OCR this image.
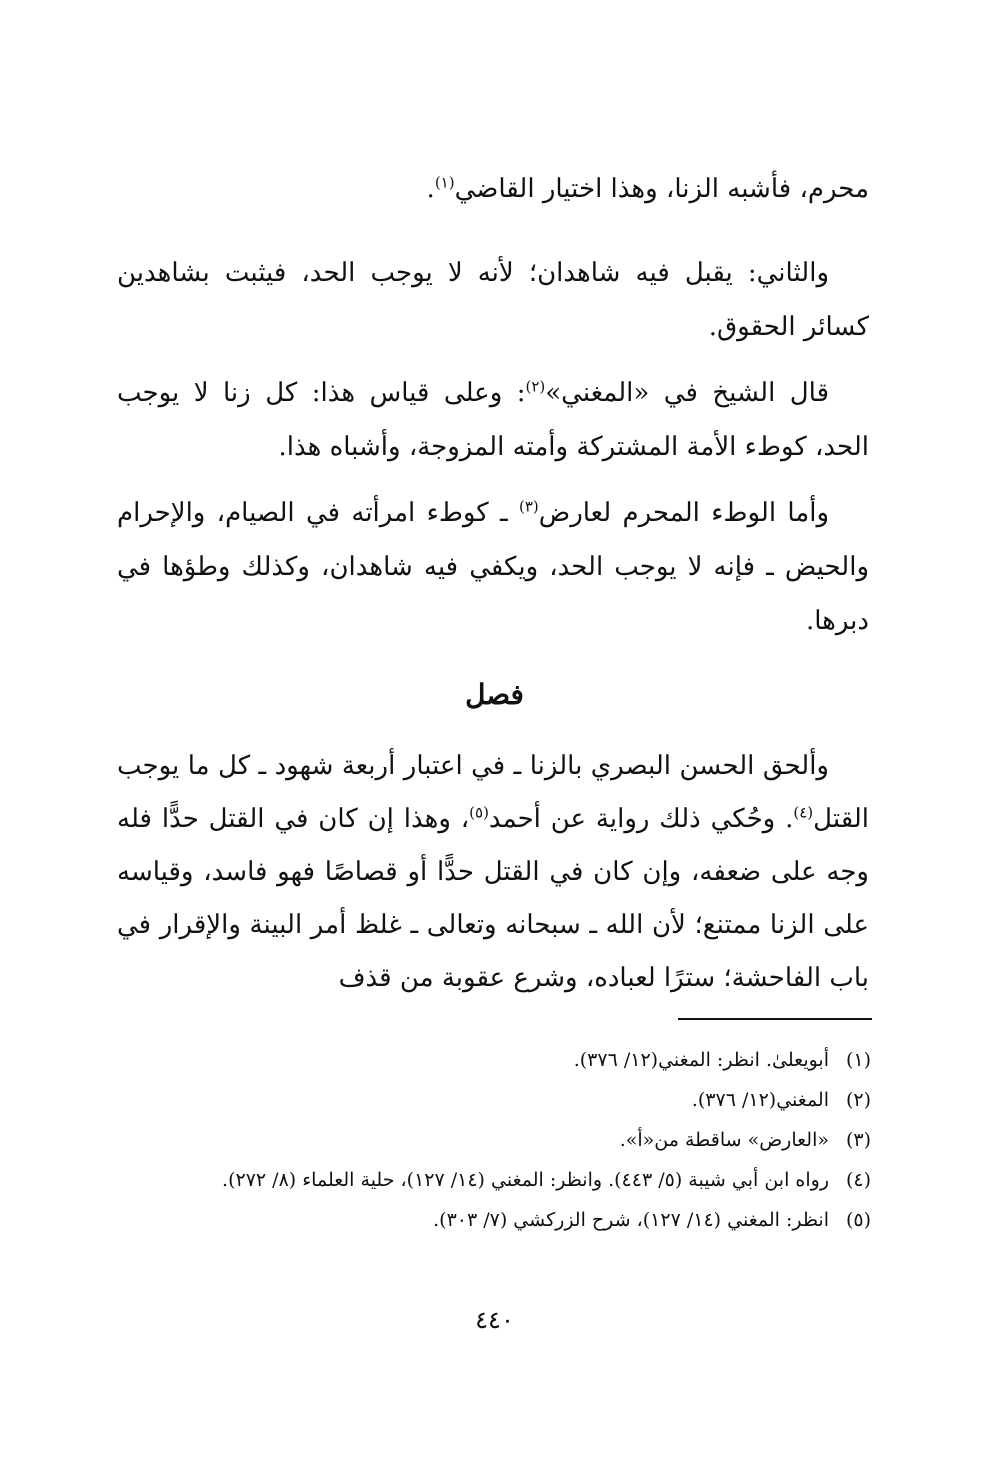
محرم، فأشبه الزنا، وهذا اختيار القاضي$^{(١)}$.

والثاني: يقبل فيه شاهدان؛ لأنه لا يوجب الحد، فيثبت بشاهدين كسائر الحقوق.

قال الشيخ في «المغني»$^{(٢)}$: وعلى قياس هذا: كل زنا لا يوجب الحد، كوطء الأمة المشتركة وأمته المزوجة، وأشباه هذا.

وأما الوطء المحرم لعارض$^{(٣)}$ ـ كوطء امرأته في الصيام، والإحرام والحيض ـ فإنه لا يوجب الحد، ويكفي فيه شاهدان، وكذلك وطؤها في دبرها.

فصل

وألحق الحسن البصري بالزنا ـ في اعتبار أربعة شهود ـ كل ما يوجب القتل$^{(٤)}$. وحُكي ذلك رواية عن أحمد$^{(٥)}$، وهذا إن كان في القتل حدًّا فله وجه على ضعفه، وإن كان في القتل حدًّا أو قصاصًا فهو فاسد، وقياسه على الزنا ممتنع؛ لأن الله ـ سبحانه وتعالى ـ غلظ أمر البينة والإقرار في باب الفاحشة؛ سترًا لعباده، وشرع عقوبة من قذف

(١)
أبويعلىٰ. انظر: المغني(١٢/ ٣٧٦).
(٢)
المغني(١٢/ ٣٧٦).
(٣)
«العارض» ساقطة من«أ».
(٤)
رواه ابن أبي شيبة (٥/ ٤٤٣). وانظر: المغني (١٤/ ١٢٧)، حلية العلماء (٨/ ٢٧٢).
(٥)
انظر: المغني (١٤/ ١٢٧)، شرح الزركشي (٧/ ٣٠٣).
٤٤٠
